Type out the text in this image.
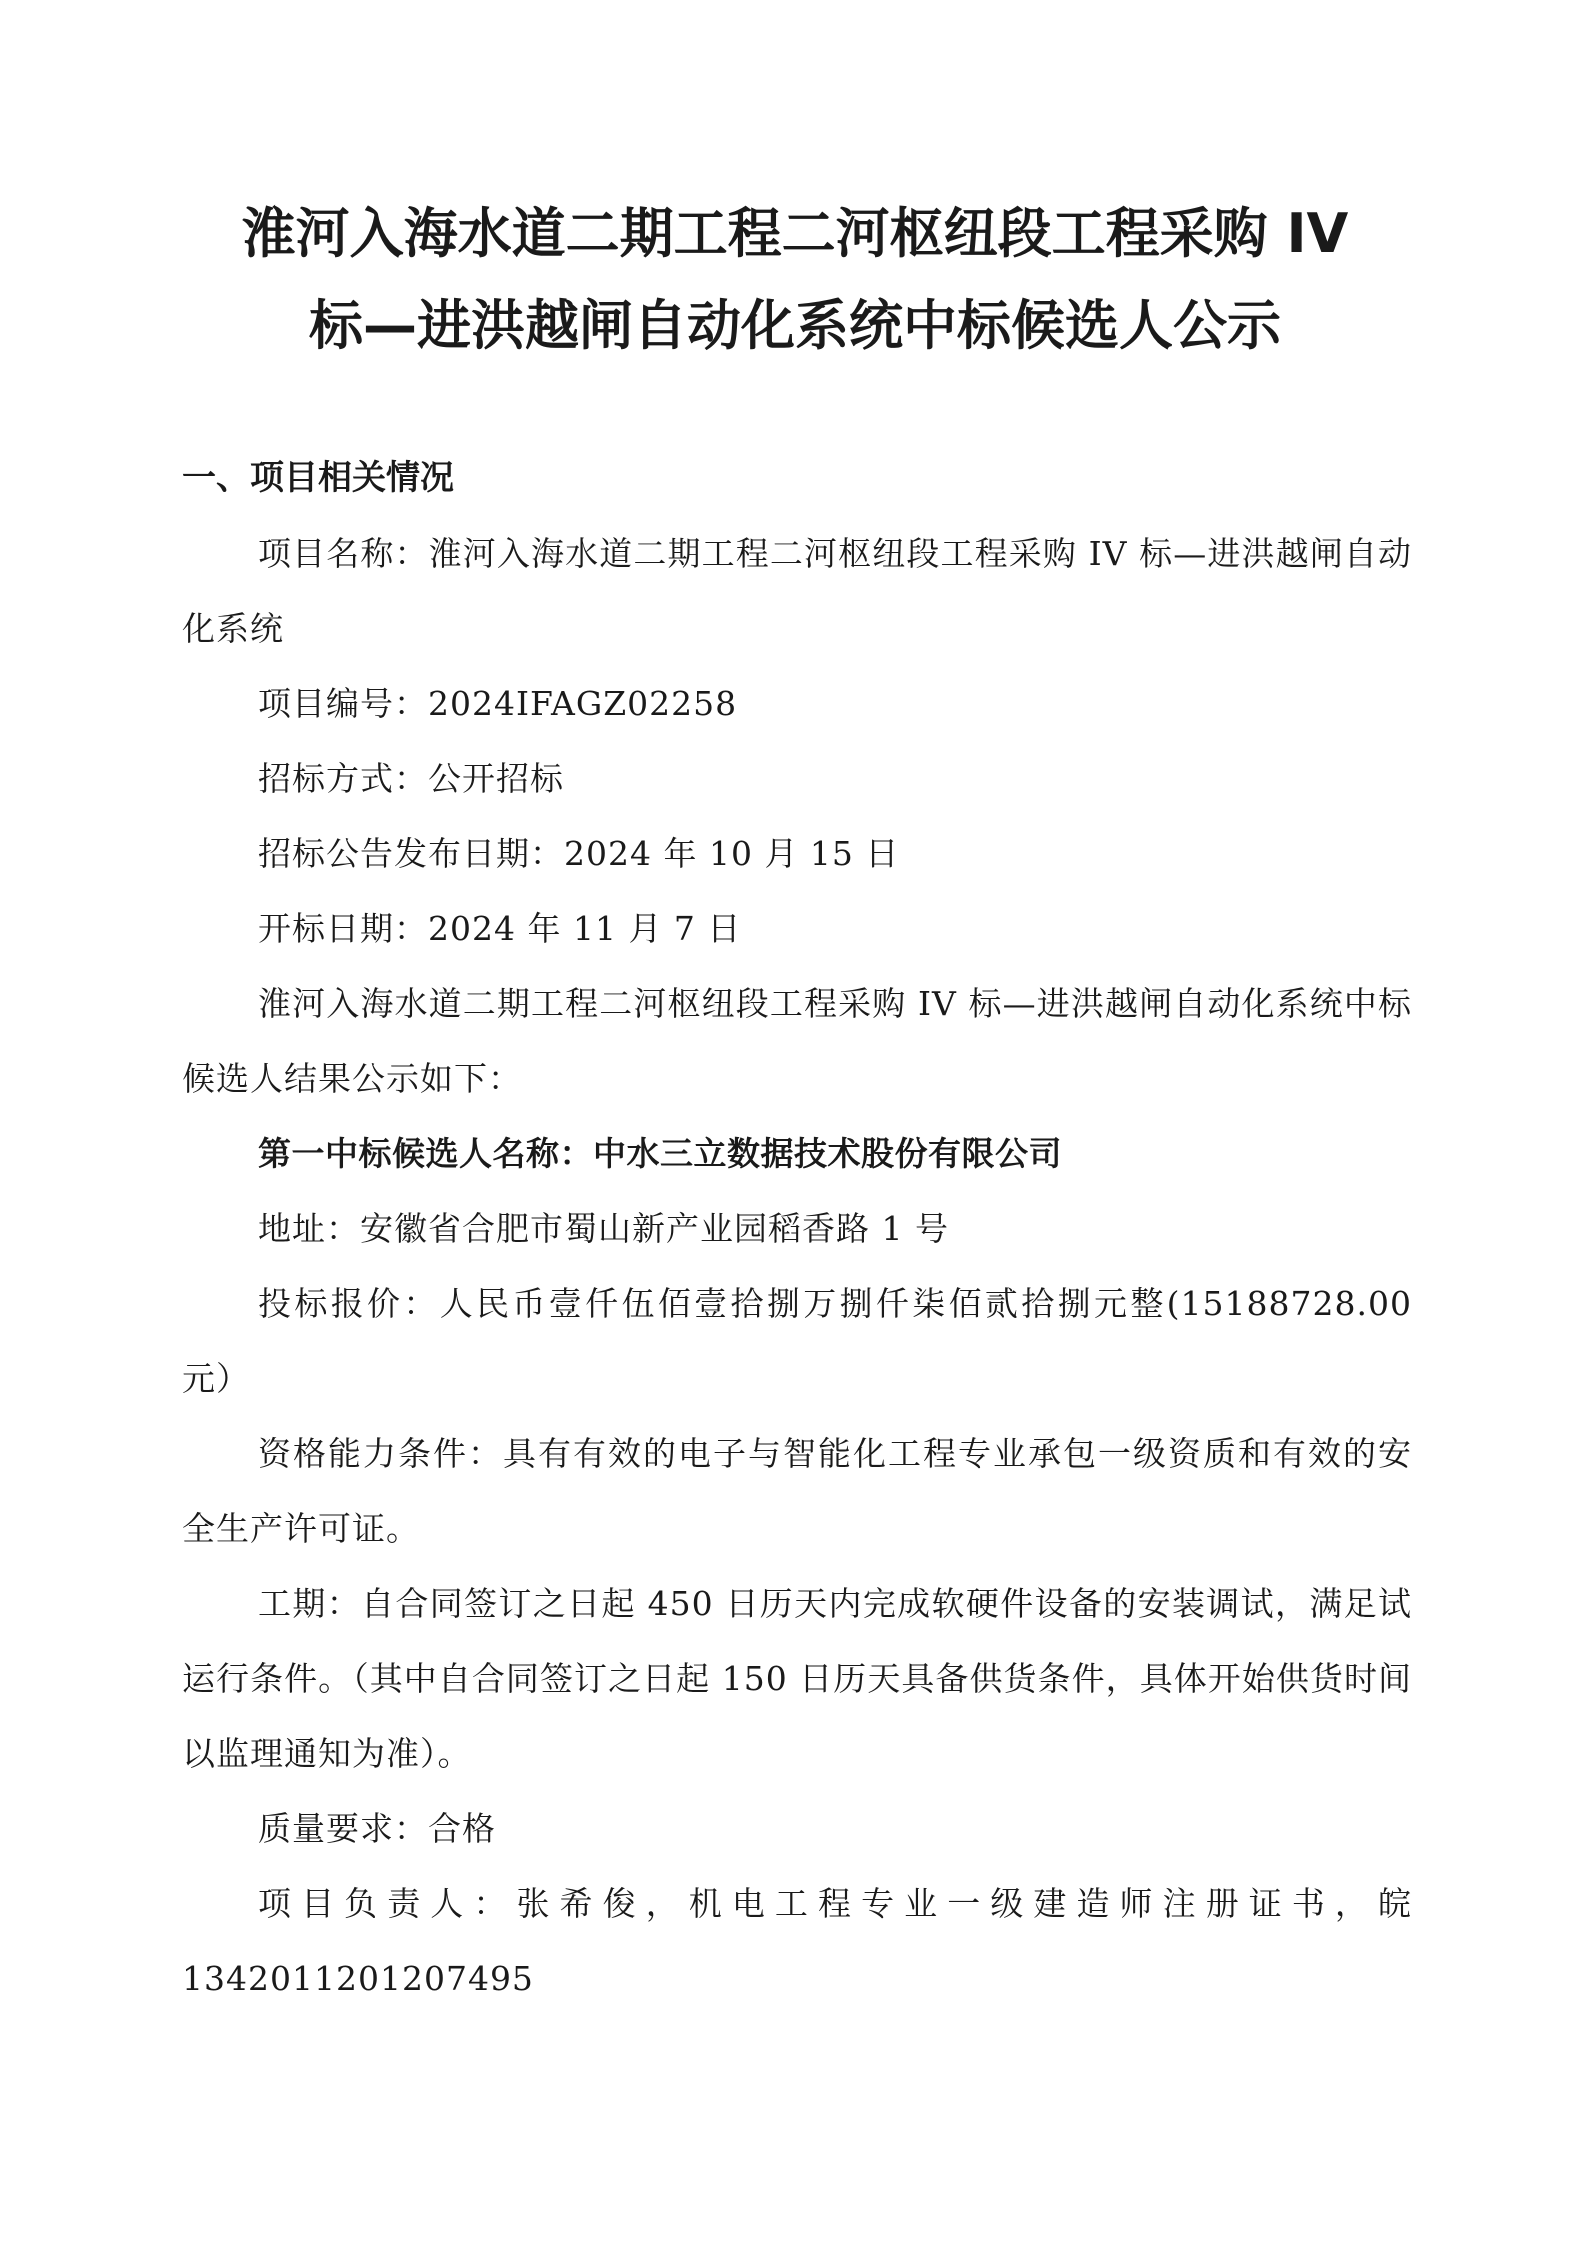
淮河入海水道二期工程二河枢纽段工程采购 IV
标—进洪越闸自动化系统中标候选人公示
一、项目相关情况

项目名称：淮河入海水道二期工程二河枢纽段工程采购 IV 标—进洪越闸自动化系统

项目编号：2024IFAGZ02258

招标方式：公开招标

招标公告发布日期：2024 年 10 月 15 日

开标日期：2024 年 11 月 7 日

淮河入海水道二期工程二河枢纽段工程采购 IV 标—进洪越闸自动化系统中标候选人结果公示如下：

第一中标候选人名称：中水三立数据技术股份有限公司

地址：安徽省合肥市蜀山新产业园稻香路 1 号

投标报价：人民币壹仟伍佰壹拾捌万捌仟柒佰贰拾捌元整(15188728.00 元）

资格能力条件：具有有效的电子与智能化工程专业承包一级资质和有效的安全生产许可证。

工期：自合同签订之日起 450 日历天内完成软硬件设备的安装调试，满足试运行条件。（其中自合同签订之日起 150 日历天具备供货条件，具体开始供货时间以监理通知为准）。

质量要求：合格

项目负责人：张希俊，机电工程专业一级建造师注册证书，皖 1342011201207495
